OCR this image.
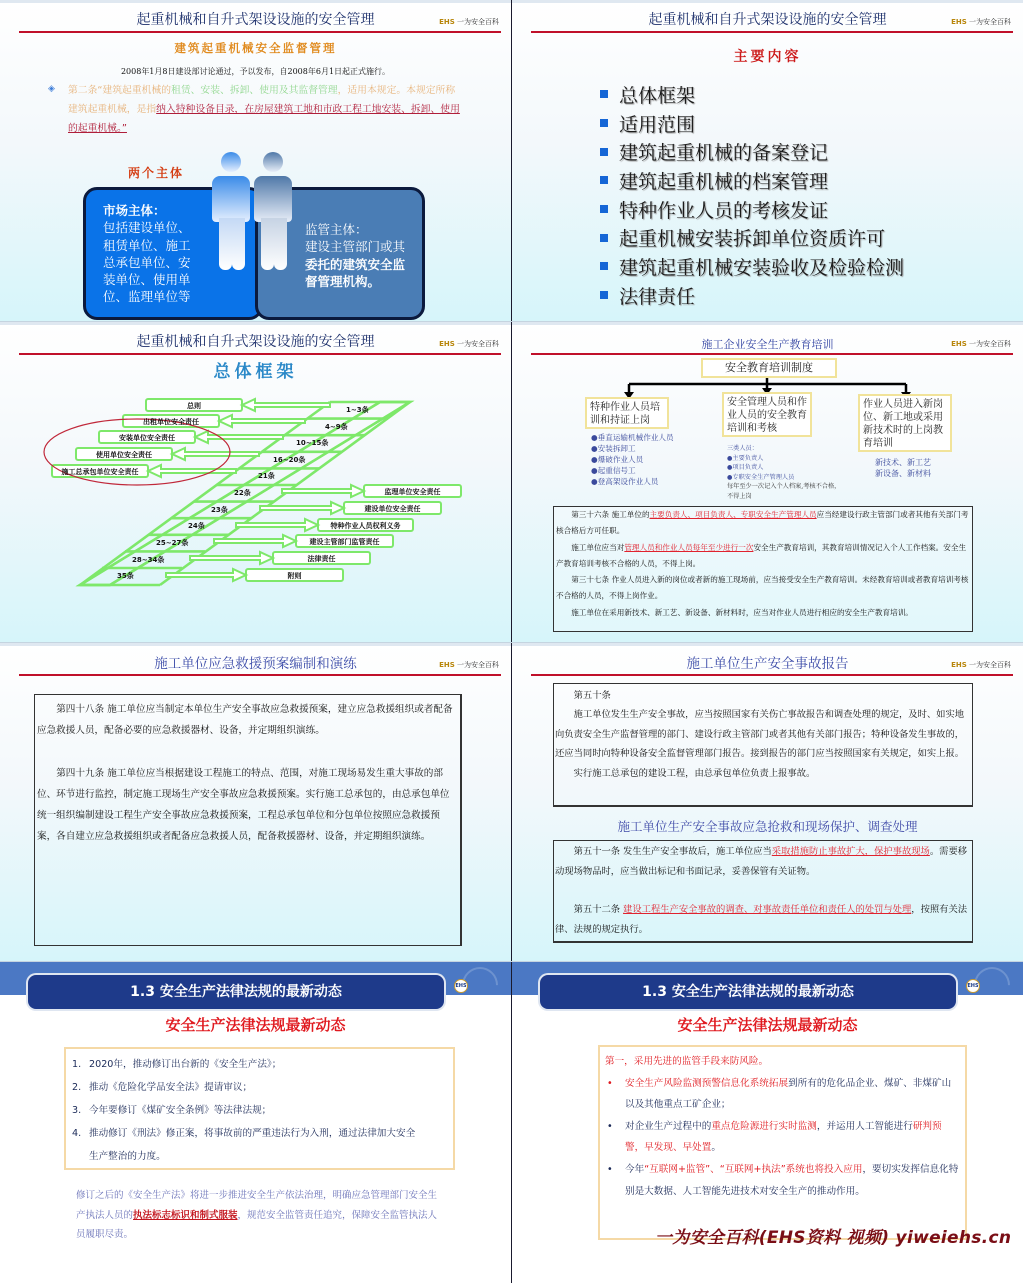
起重机械和自升式架设设施的安全管理	EHS 一为安全百科
建筑起重机械安全监督管理
2008年1月8日建设部讨论通过，予以发布，自2008年6月1日起正式施行。
◈ 第二条“建筑起重机械的租赁、安装、拆卸、使用及其监督管理，适用本规定。本规定所称建筑起重机械，是指纳入特种设备目录，在房屋建筑工地和市政工程工地安装、拆卸、使用的起重机械。”
两个主体
市场主体：
包括建设单位、
租赁单位、施工
总承包单位、安
装单位、使用单
位、监理单位等
监管主体：
建设主管部门或其
委托的建筑安全监
督管理机构。
起重机械和自升式架设设施的安全管理	EHS 一为安全百科
主要内容
总体框架
适用范围
建筑起重机械的备案登记
建筑起重机械的档案管理
特种作业人员的考核发证
起重机械安装拆卸单位资质许可
建筑起重机械安装验收及检验检测
法律责任
起重机械和自升式架设设施的安全管理	EHS 一为安全百科
总体框架
1~3条
4~9条
10~15条
16~20条
21条
22条
23条
24条
25~27条
28~34条
35条
总则
出租单位安全责任
安装单位安全责任
使用单位安全责任
施工总承包单位安全责任
监理单位安全责任
建设单位安全责任
特种作业人员权利义务
建设主管部门监管责任
法律责任
附则
施工企业安全生产教育培训	EHS 一为安全百科
安全教育培训制度
特种作业人员培训和持证上岗
安全管理人员和作业人员的安全教育培训和考核
作业人员进入新岗位、新工地或采用新技术时的上岗教育培训
●垂直运输机械作业人员
●安装拆卸工
●爆破作业人员
●起重信号工
●登高架设作业人员
三类人员：
●主要负责人
●项目负责人
●专职安全生产管理人员
每年至少一次记入个人档案,考核不合格，不得上岗
新技术、新工艺
新设备、新材料

第三十六条 施工单位的主要负责人、项目负责人、专职安全生产管理人员应当经建设行政主管部门或者其他有关部门考核合格后方可任职。

施工单位应当对管理人员和作业人员每年至少进行一次安全生产教育培训，其教育培训情况记入个人工作档案。安全生产教育培训考核不合格的人员，不得上岗。

第三十七条 作业人员进入新的岗位或者新的施工现场前，应当接受安全生产教育培训。未经教育培训或者教育培训考核不合格的人员，不得上岗作业。

施工单位在采用新技术、新工艺、新设备、新材料时，应当对作业人员进行相应的安全生产教育培训。

施工单位应急救援预案编制和演练	EHS 一为安全百科

第四十八条 施工单位应当制定本单位生产安全事故应急救援预案，建立应急救援组织或者配备应急救援人员，配备必要的应急救援器材、设备，并定期组织演练。

第四十九条 施工单位应当根据建设工程施工的特点、范围，对施工现场易发生重大事故的部位、环节进行监控，制定施工现场生产安全事故应急救援预案。实行施工总承包的，由总承包单位统一组织编制建设工程生产安全事故应急救援预案，工程总承包单位和分包单位按照应急救援预案，各自建立应急救援组织或者配备应急救援人员，配备救援器材、设备，并定期组织演练。

施工单位生产安全事故报告	EHS 一为安全百科

第五十条

施工单位发生生产安全事故，应当按照国家有关伤亡事故报告和调查处理的规定，及时、如实地向负责安全生产监督管理的部门、建设行政主管部门或者其他有关部门报告；特种设备发生事故的，还应当同时向特种设备安全监督管理部门报告。接到报告的部门应当按照国家有关规定，如实上报。

实行施工总承包的建设工程，由总承包单位负责上报事故。

施工单位生产安全事故应急抢救和现场保护、调查处理

第五十一条 发生生产安全事故后，施工单位应当采取措施防止事故扩大，保护事故现场。需要移动现场物品时，应当做出标记和书面记录，妥善保管有关证物。

第五十二条 建设工程生产安全事故的调查、对事故责任单位和责任人的处罚与处理，按照有关法律、法规的规定执行。

1.3 安全生产法律法规的最新动态	EHS
安全生产法律法规最新动态
1. 2020年，推动修订出台新的《安全生产法》；
2. 推动《危险化学品安全法》提请审议；
3. 今年要修订《煤矿安全条例》等法律法规；
4. 推动修订《刑法》修正案，将事故前的严重违法行为入刑，通过法律加大安全生产整治的力度。
修订之后的《安全生产法》将进一步推进安全生产依法治理，明确应急管理部门安全生产执法人员的执法标志标识和制式服装，规范安全监管责任追究，保障安全监管执法人员履职尽责。
1.3 安全生产法律法规的最新动态	EHS
安全生产法律法规最新动态
第一，采用先进的监管手段来防风险。
•	安全生产风险监测预警信息化系统拓展到所有的危化品企业、煤矿、非煤矿山以及其他重点工矿企业；
•	对企业生产过程中的重点危险源进行实时监测，并运用人工智能进行研判预警，早发现、早处置。
•	今年“互联网+监管”、“互联网+执法”系统也将投入应用，要切实发挥信息化特别是大数据、人工智能先进技术对安全生产的推动作用。
一为安全百科(EHS资料 视频) yiweiehs.cn
